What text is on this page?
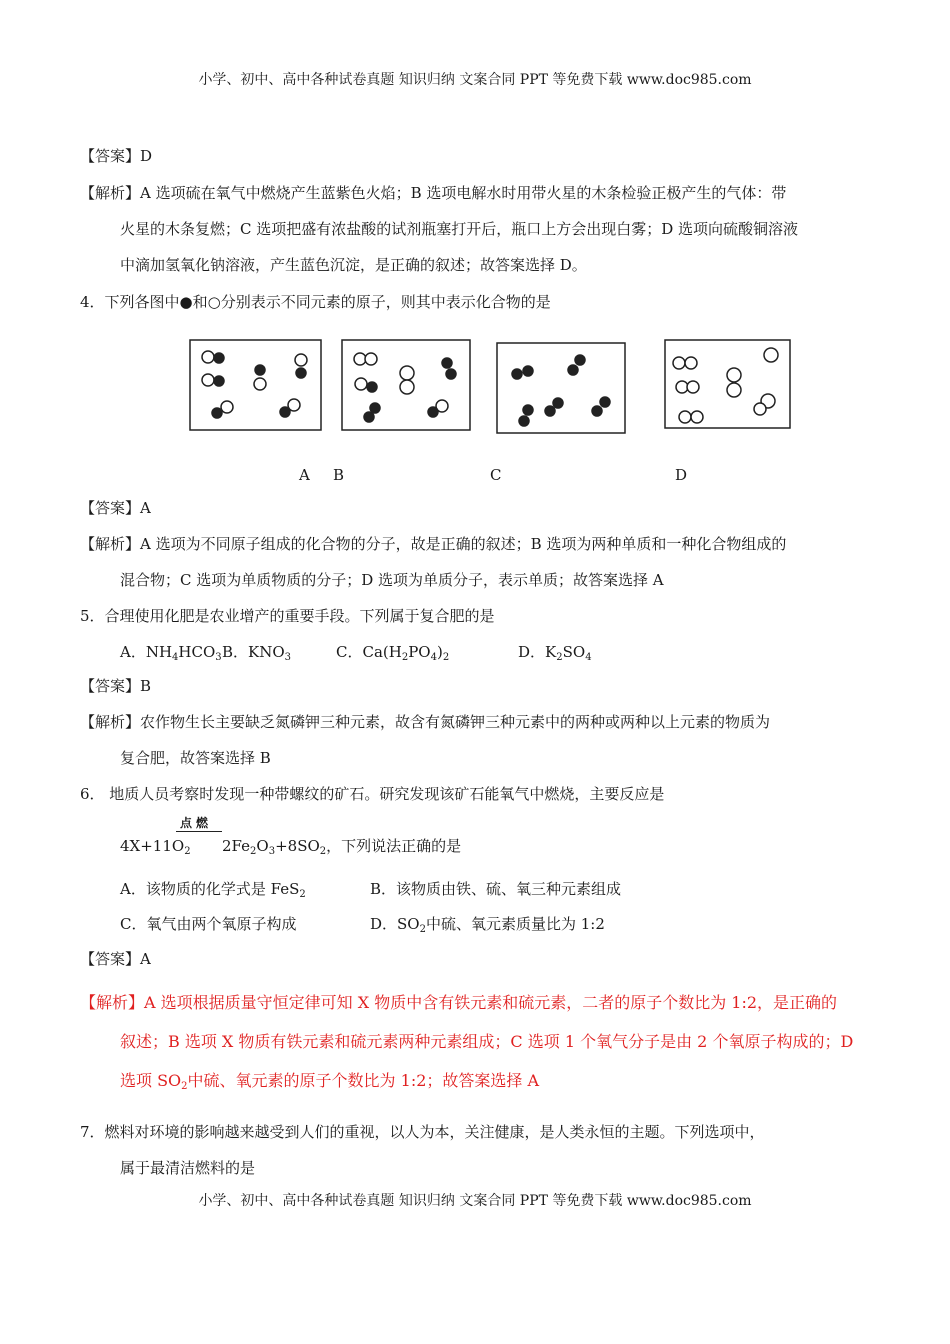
小学、初中、高中各种试卷真题 知识归纳 文案合同 PPT 等免费下载 www.doc985.com
【答案】D
【解析】A 选项硫在氧气中燃烧产生蓝紫色火焰；B 选项电解水时用带火星的木条检验正极产生的气体：带
火星的木条复燃；C 选项把盛有浓盐酸的试剂瓶塞打开后，瓶口上方会出现白雾；D 选项向硫酸铜溶液
中滴加氢氧化钠溶液，产生蓝色沉淀，是正确的叙述；故答案选择 D。
4．下列各图中●和○分别表示不同元素的原子，则其中表示化合物的是
A B	C	D
【答案】A
【解析】A 选项为不同原子组成的化合物的分子，故是正确的叙述；B 选项为两种单质和一种化合物组成的
混合物；C 选项为单质物质的分子；D 选项为单质分子，表示单质；故答案选择 A
5．合理使用化肥是农业增产的重要手段。下列属于复合肥的是
A．$NH_4HCO_3$ B．$KNO_3$	C．$Ca(H_2PO_4)_2$	D．$K_2SO_4$
【答案】B
【解析】农作物生长主要缺乏氮磷钾三种元素，故含有氮磷钾三种元素中的两种或两种以上元素的物质为
复合肥，故答案选择 B
6． 地质人员考察时发现一种带螺纹的矿石。研究发现该矿石能氧气中燃烧，主要反应是
点燃
$4X+11O_2$ $2Fe_2O_3+8SO_2$，下列说法正确的是
A．该物质的化学式是 FeS$_2$	B．该物质由铁、硫、氧三种元素组成
C．氧气由两个氧原子构成	D．$SO_2$中硫、氧元素质量比为 1:2
【答案】A
【解析】A 选项根据质量守恒定律可知 X 物质中含有铁元素和硫元素，二者的原子个数比为 1:2，是正确的
叙述；B 选项 X 物质有铁元素和硫元素两种元素组成；C 选项 1 个氧气分子是由 2 个氧原子构成的；D
选项 $SO_2$中硫、氧元素的原子个数比为 1:2；故答案选择 A
7．燃料对环境的影响越来越受到人们的重视，以人为本，关注健康，是人类永恒的主题。下列选项中，
属于最清洁燃料的是
小学、初中、高中各种试卷真题 知识归纳 文案合同 PPT 等免费下载 www.doc985.com
